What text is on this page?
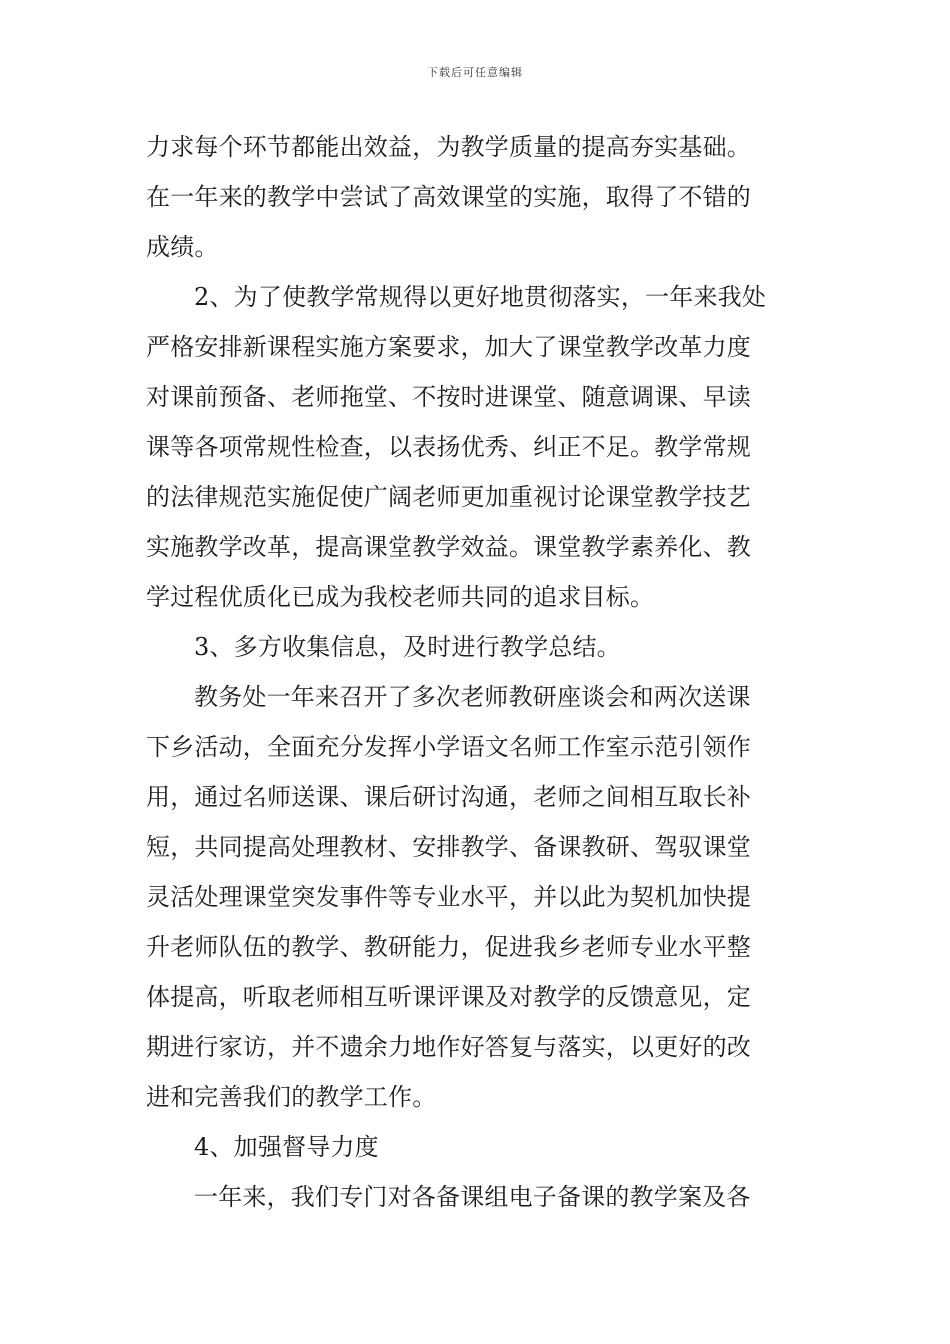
下载后可任意编辑
力求每个环节都能出效益，为教学质量的提高夯实基础。
在一年来的教学中尝试了高效课堂的实施，取得了不错的
成绩。
2、为了使教学常规得以更好地贯彻落实，一年来我处
严格安排新课程实施方案要求，加大了课堂教学改革力度
对课前预备、老师拖堂、不按时进课堂、随意调课、早读
课等各项常规性检查，以表扬优秀、纠正不足。教学常规
的法律规范实施促使广阔老师更加重视讨论课堂教学技艺
实施教学改革，提高课堂教学效益。课堂教学素养化、教
学过程优质化已成为我校老师共同的追求目标。
3、多方收集信息，及时进行教学总结。
教务处一年来召开了多次老师教研座谈会和两次送课
下乡活动，全面充分发挥小学语文名师工作室示范引领作
用，通过名师送课、课后研讨沟通，老师之间相互取长补
短，共同提高处理教材、安排教学、备课教研、驾驭课堂
灵活处理课堂突发事件等专业水平，并以此为契机加快提
升老师队伍的教学、教研能力，促进我乡老师专业水平整
体提高，听取老师相互听课评课及对教学的反馈意见，定
期进行家访，并不遗余力地作好答复与落实，以更好的改
进和完善我们的教学工作。
4、加强督导力度
一年来，我们专门对各备课组电子备课的教学案及各
